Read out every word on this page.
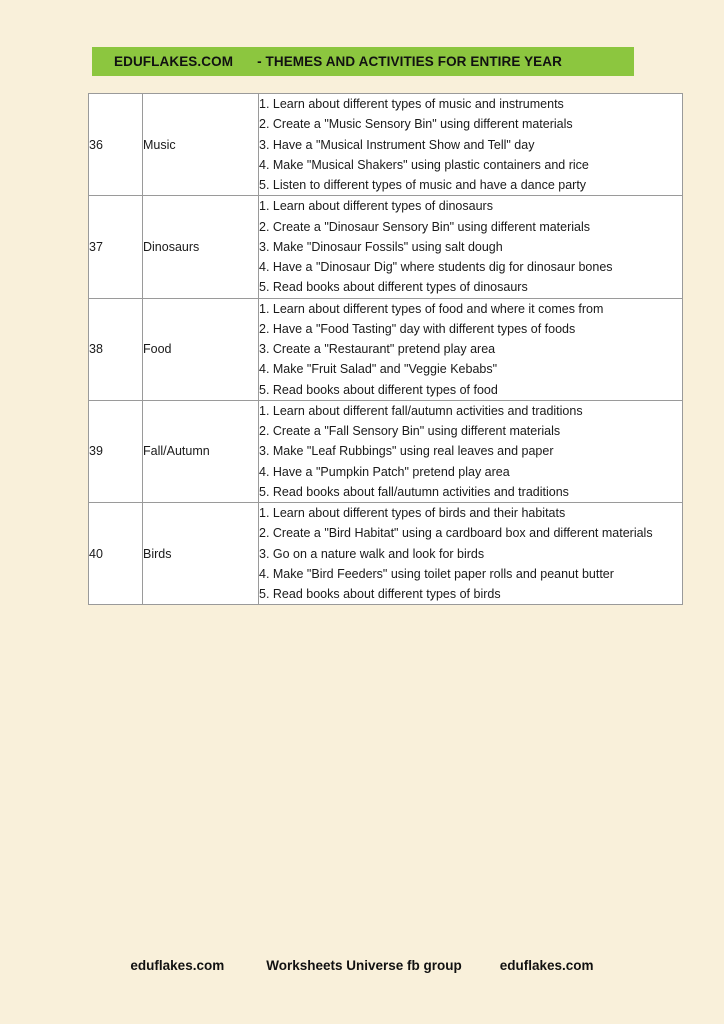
EDUFLAKES.COM	- THEMES AND ACTIVITIES FOR ENTIRE YEAR
36	Music	1. Learn about different types of music and instruments
2. Create a "Music Sensory Bin" using different materials
3. Have a "Musical Instrument Show and Tell" day
4. Make "Musical Shakers" using plastic containers and rice
5. Listen to different types of music and have a dance party

37	Dinosaurs	1. Learn about different types of dinosaurs
2. Create a "Dinosaur Sensory Bin" using different materials
3. Make "Dinosaur Fossils" using salt dough
4. Have a "Dinosaur Dig" where students dig for dinosaur bones
5. Read books about different types of dinosaurs

38	Food	1. Learn about different types of food and where it comes from
2. Have a "Food Tasting" day with different types of foods
3. Create a "Restaurant" pretend play area
4. Make "Fruit Salad" and "Veggie Kebabs"
5. Read books about different types of food

39	Fall/Autumn	1. Learn about different fall/autumn activities and traditions
2. Create a "Fall Sensory Bin" using different materials
3. Make "Leaf Rubbings" using real leaves and paper
4. Have a "Pumpkin Patch" pretend play area
5. Read books about fall/autumn activities and traditions

40	Birds	1. Learn about different types of birds and their habitats
2. Create a "Bird Habitat" using a cardboard box and different materials
3. Go on a nature walk and look for birds
4. Make "Bird Feeders" using toilet paper rolls and peanut butter
5. Read books about different types of birds
eduflakes.com	Worksheets Universe fb group	eduflakes.com
